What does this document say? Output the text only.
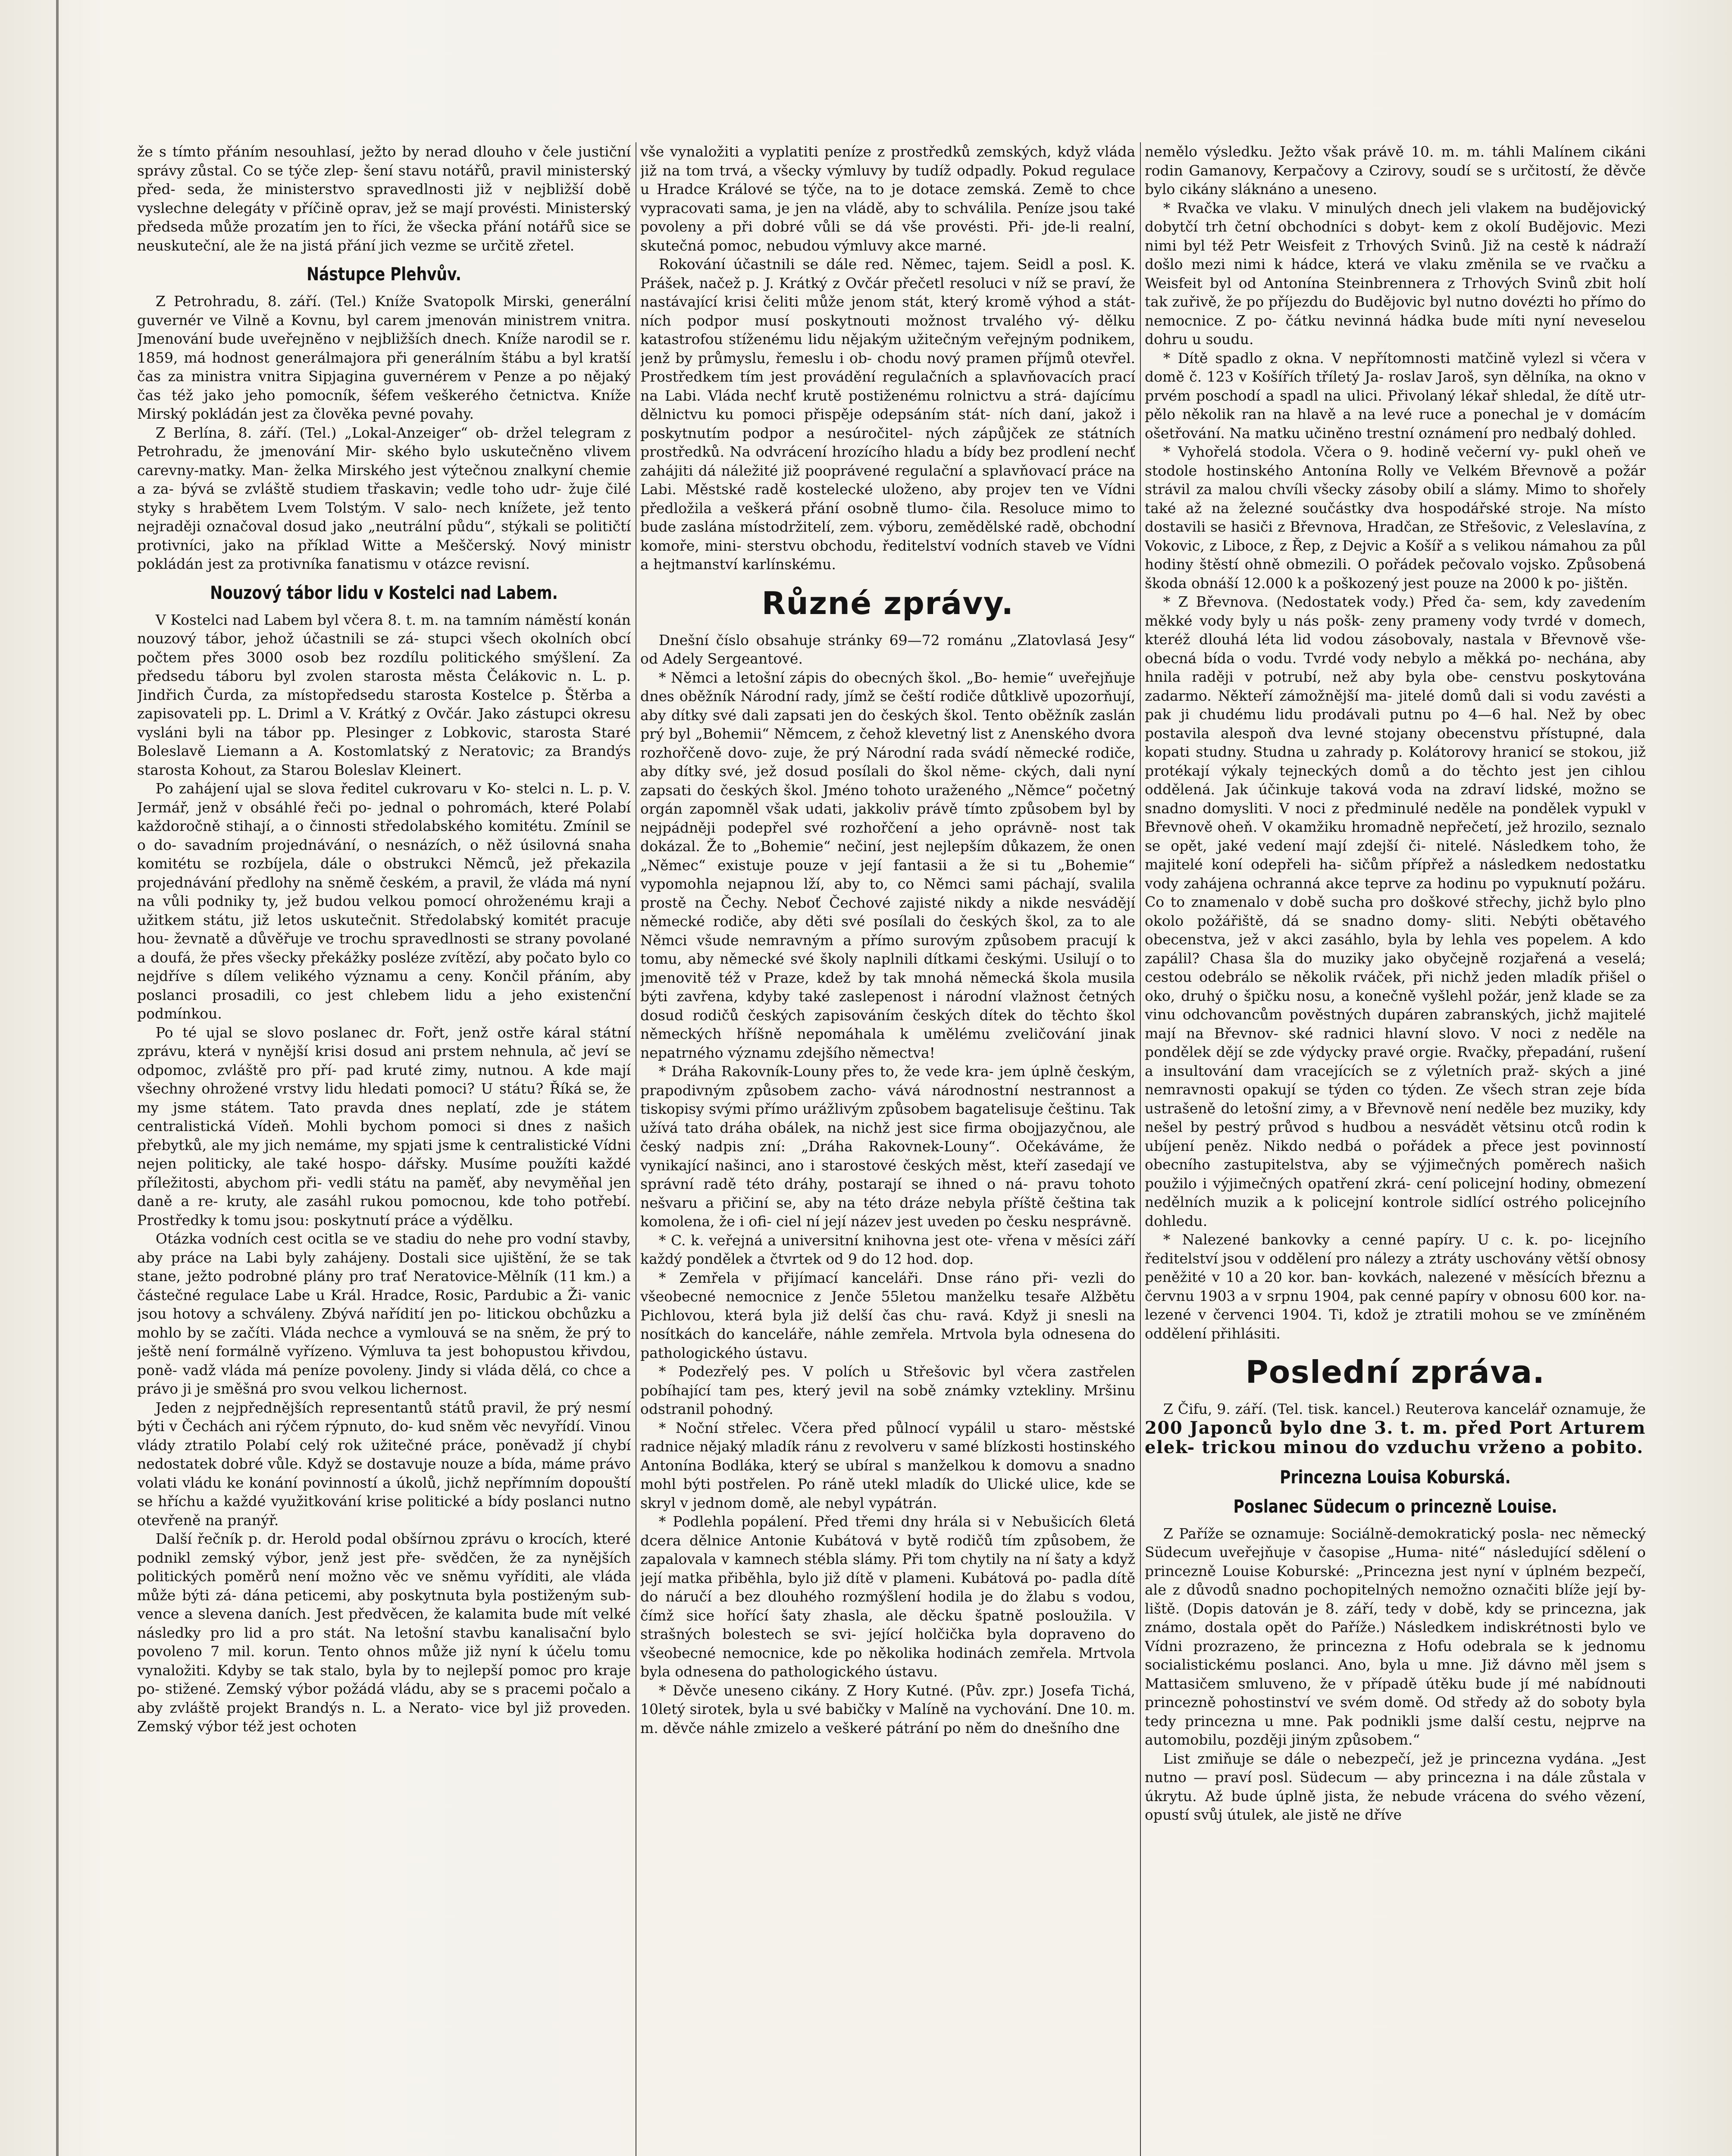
že s tímto přáním nesouhlasí, ježto by nerad dlouho v čele justiční správy zůstal. Co se týče zlep- šení stavu notářů, pravil ministerský před- seda, že ministerstvo spravedlnosti již v nejbližší době vyslechne delegáty v příčině oprav, jež se mají provésti. Ministerský předseda může prozatím jen to říci, že všecka přání notářů sice se neuskuteční, ale že na jistá přání jich vezme se určitě zřetel.

Nástupce Plehvův.

Z Petrohradu, 8. září. (Tel.) Kníže Svatopolk Mirski, generální guvernér ve Vilně a Kovnu, byl carem jmenován ministrem vnitra. Jmenování bude uveřejněno v nejbližších dnech. Kníže narodil se r. 1859, má hodnost generálmajora při generálním štábu a byl kratší čas za ministra vnitra Sipjagina guvernérem v Penze a po nějaký čas též jako jeho pomocník, šéfem veškerého četnictva. Kníže Mirský pokládán jest za člověka pevné povahy.

Z Berlína, 8. září. (Tel.) „Lokal-Anzeiger“ ob- držel telegram z Petrohradu, že jmenování Mir- ského bylo uskutečněno vlivem carevny-matky. Man- želka Mirského jest výtečnou znalkyní chemie a za- bývá se zvláště studiem třaskavin; vedle toho udr- žuje čilé styky s hrabětem Lvem Tolstým. V salo- nech knížete, jež tento nejraději označoval dosud jako „neutrální půdu“, stýkali se političtí protivníci, jako na příklad Witte a Meščerský. Nový ministr pokládán jest za protivníka fanatismu v otázce revisní.

Nouzový tábor lidu v Kostelci nad Labem.

V Kostelci nad Labem byl včera 8. t. m. na tamním náměstí konán nouzový tábor, jehož účastnili se zá- stupci všech okolních obcí počtem přes 3000 osob bez rozdílu politického smýšlení. Za předsedu táboru byl zvolen starosta města Čelákovic n. L. p. Jindřich Čurda, za místopředsedu starosta Kostelce p. Štěrba a zapisovateli pp. L. Driml a V. Krátký z Ovčár. Jako zástupci okresu vysláni byli na tábor pp. Plesinger z Lobkovic, starosta Staré Boleslavě Liemann a A. Kostomlatský z Neratovic; za Brandýs starosta Kohout, za Starou Boleslav Kleinert.

Po zahájení ujal se slova ředitel cukrovaru v Ko- stelci n. L. p. V. Jermář, jenž v obsáhlé řeči po- jednal o pohromách, které Polabí každoročně stihají, a o činnosti středolabského komitétu. Zmínil se o do- savadním projednávání, o nesnázích, o něž úsilovná snaha komitétu se rozbíjela, dále o obstrukci Němců, jež překazila projednávání předlohy na sněmě českém, a pravil, že vláda má nyní na vůli podniky ty, jež budou velkou pomocí ohroženému kraji a užitkem státu, již letos uskutečnit. Středolabský komitét pracuje hou- ževnatě a důvěřuje ve trochu spravedlnosti se strany povolané a doufá, že přes všecky překážky posléze zvítězí, aby počato bylo co nejdříve s dílem velikého významu a ceny. Končil přáním, aby poslanci prosadili, co jest chlebem lidu a jeho existenční podmínkou.

Po té ujal se slovo poslanec dr. Fořt, jenž ostře káral státní zprávu, která v nynější krisi dosud ani prstem nehnula, ač jeví se odpomoc, zvláště pro pří- pad kruté zimy, nutnou. A kde mají všechny ohrožené vrstvy lidu hledati pomoci? U státu? Říká se, že my jsme státem. Tato pravda dnes neplatí, zde je státem centralistická Vídeň. Mohli bychom pomoci si dnes z našich přebytků, ale my jich nemáme, my spjati jsme k centralistické Vídni nejen politicky, ale také hospo- dářsky. Musíme použíti každé příležitosti, abychom při- vedli státu na paměť, aby nevyměňal jen daně a re- kruty, ale zasáhl rukou pomocnou, kde toho potřebí. Prostředky k tomu jsou: poskytnutí práce a výdělku.

Otázka vodních cest ocitla se ve stadiu do nehe pro vodní stavby, aby práce na Labi byly zahájeny. Dostali sice ujištění, že se tak stane, ježto podrobné plány pro trať Neratovice-Mělník (11 km.) a částečné regulace Labe u Král. Hradce, Rosic, Pardubic a Ži- vanic jsou hotovy a schváleny. Zbývá nařídití jen po- litickou obchůzku a mohlo by se začíti. Vláda nechce a vymlouvá se na sněm, že prý to ještě není formálně vyřízeno. Výmluva ta jest bohopustou křivdou, poně- vadž vláda má peníze povoleny. Jindy si vláda dělá, co chce a právo ji je směšná pro svou velkou lichernost.

Jeden z nejpřednějších representantů států pravil, že prý nesmí býti v Čechách ani rýčem rýpnuto, do- kud sněm věc nevyřídí. Vinou vlády ztratilo Polabí celý rok užitečné práce, poněvadž jí chybí nedostatek dobré vůle. Když se dostavuje nouze a bída, máme právo volati vládu ke konání povinností a úkolů, jichž nepřímním dopouští se hříchu a každé využitkování krise politické a bídy poslanci nutno otevřeně na pranýř.

Další řečník p. dr. Herold podal obšírnou zprávu o krocích, které podnikl zemský výbor, jenž jest pře- svědčen, že za nynějších politických poměrů není možno věc ve sněmu vyříditi, ale vláda může býti zá- dána peticemi, aby poskytnuta byla postiženým sub- vence a slevena daních. Jest předvěcen, že kalamita bude mít velké následky pro lid a pro stát. Na letošní stavbu kanalisační bylo povoleno 7 mil. korun. Tento ohnos může již nyní k účelu tomu vynaložiti. Kdyby se tak stalo, byla by to nejlepší pomoc pro kraje po- stižené. Zemský výbor požádá vládu, aby se s pracemi počalo a aby zvláště projekt Brandýs n. L. a Nerato- vice byl již proveden. Zemský výbor též jest ochoten

vše vynaložiti a vyplatiti peníze z prostředků zemských, když vláda již na tom trvá, a všecky výmluvy by tudíž odpadly. Pokud regulace u Hradce Králové se týče, na to je dotace zemská. Země to chce vypracovati sama, je jen na vládě, aby to schválila. Peníze jsou také povoleny a při dobré vůli se dá vše provésti. Při- jde-li realní, skutečná pomoc, nebudou výmluvy akce marné.

Rokování účastnili se dále red. Němec, tajem. Seidl a posl. K. Prášek, načež p. J. Krátký z Ovčár přečetl resoluci v níž se praví, že nastávající krisi čeliti může jenom stát, který kromě výhod a stát- ních podpor musí poskytnouti možnost trvalého vý- dělku katastrofou stíženému lidu nějakým užitečným veřejným podnikem, jenž by průmyslu, řemeslu i ob- chodu nový pramen příjmů otevřel. Prostředkem tím jest provádění regulačních a splavňovacích prací na Labi. Vláda nechť krutě postiženému rolnictvu a strá- dajícímu dělnictvu ku pomoci přispěje odepsáním stát- ních daní, jakož i poskytnutím podpor a nesúročitel- ných zápůjček ze státních prostředků. Na odvrácení hrozícího hladu a bídy bez prodlení nechť zahájiti dá náležité již pooprávené regulační a splavňovací práce na Labi. Městské radě kostelecké uloženo, aby projev ten ve Vídni předložila a veškerá přání osobně tlumo- čila. Resoluce mimo to bude zaslána místodržitelí, zem. výboru, zemědělské radě, obchodní komoře, mini- sterstvu obchodu, ředitelství vodních staveb ve Vídni a hejtmanství karlínskému.

Různé zprávy.

Dnešní číslo obsahuje stránky 69—72 románu „Zlatovlasá Jesy“ od Adely Sergeantové.

* Němci a letošní zápis do obecných škol. „Bo- hemie“ uveřejňuje dnes oběžník Národní rady, jímž se čeští rodiče důtklivě upozorňují, aby dítky své dali zapsati jen do českých škol. Tento oběžník zaslán prý byl „Bohemii“ Němcem, z čehož klevetný list z Anenského dvora rozhořčeně dovo- zuje, že prý Národní rada svádí německé rodiče, aby dítky své, jež dosud posílali do škol něme- ckých, dali nyní zapsati do českých škol. Jméno tohoto uraženého „Němce“ početný orgán zapomněl však udati, jakkoliv právě tímto způsobem byl by nejpádněji podepřel své rozhořčení a jeho oprávně- nost tak dokázal. Že to „Bohemie“ nečiní, jest nejlepším důkazem, že onen „Němec“ existuje pouze v její fantasii a že si tu „Bohemie“ vypomohla nejapnou lží, aby to, co Němci sami páchají, svalila prostě na Čechy. Neboť Čechové zajisté nikdy a nikde nesvádějí německé rodiče, aby děti své posílali do českých škol, za to ale Němci všude nemravným a přímo surovým způsobem pracují k tomu, aby německé své školy naplnili dítkami českými. Usilují o to jmenovitě též v Praze, kdež by tak mnohá německá škola musila býti zavřena, kdyby také zaslepenost i národní vlažnost četných dosud rodičů českých zapisováním českých dítek do těchto škol německých hříšně nepomáhala k umělému zveličování jinak nepatrného významu zdejšího němectva!

* Dráha Rakovník-Louny přes to, že vede kra- jem úplně českým, prapodivným způsobem zacho- vává národnostní nestrannost a tiskopisy svými přímo urážlivým způsobem bagatelisuje češtinu. Tak užívá tato dráha obálek, na nichž jest sice firma obojjazyčnou, ale český nadpis zní: „Dráha Rakovnek-Louny“. Očekáváme, že vynikající našinci, ano i starostové českých měst, kteří zasedají ve správní radě této dráhy, postarají se ihned o ná- pravu tohoto nešvaru a přičiní se, aby na této dráze nebyla příště čeština tak komolena, že i ofi- ciel ní její název jest uveden po česku nesprávně.

* C. k. veřejná a universitní knihovna jest ote- vřena v měsíci září každý pondělek a čtvrtek od 9 do 12 hod. dop.

* Zemřela v přijímací kanceláři. Dnse ráno při- vezli do všeobecné nemocnice z Jenče 55letou manželku tesaře Alžbětu Pichlovou, která byla již delší čas chu- ravá. Když ji snesli na nosítkách do kanceláře, náhle zemřela. Mrtvola byla odnesena do pathologického ústavu.

* Podezřelý pes. V polích u Střešovic byl včera zastřelen pobíhající tam pes, který jevil na sobě známky vztekliny. Mršinu odstranil pohodný.

* Noční střelec. Včera před půlnocí vypálil u staro- městské radnice nějaký mladík ránu z revolveru v samé blízkosti hostinského Antonína Bodláka, který se ubíral s manželkou k domovu a snadno mohl býti postřelen. Po ráně utekl mladík do Ulické ulice, kde se skryl v jednom domě, ale nebyl vypátrán.

* Podlehla popálení. Před třemi dny hrála si v Nebušicích 6letá dcera dělnice Antonie Kubátová v bytě rodičů tím způsobem, že zapalovala v kamnech stébla slámy. Při tom chytily na ní šaty a když její matka přiběhla, bylo již dítě v plameni. Kubátová po- padla dítě do náručí a bez dlouhého rozmýšlení hodila je do žlabu s vodou, čímž sice hořící šaty zhasla, ale děcku špatně posloužila. V strašných bolestech se svi- jející holčička byla dopraveno do všeobecné nemocnice, kde po několika hodinách zemřela. Mrtvola byla odnesena do pathologického ústavu.

* Děvče uneseno cikány. Z Hory Kutné. (Pův. zpr.) Josefa Tichá, 10letý sirotek, byla u své babičky v Malíně na vychování. Dne 10. m. m. děvče náhle zmizelo a veškeré pátrání po něm do dnešního dne

nemělo výsledku. Ježto však právě 10. m. m. táhli Malínem cikáni rodin Gamanovy, Kerpačovy a Czirovy, soudí se s určitostí, že děvče bylo cikány sláknáno a uneseno.

* Rvačka ve vlaku. V minulých dnech jeli vlakem na budějovický dobytčí trh četní obchodníci s dobyt- kem z okolí Budějovic. Mezi nimi byl též Petr Weisfeit z Trhových Svinů. Již na cestě k nádraží došlo mezi nimi k hádce, která ve vlaku změnila se ve rvačku a Weisfeit byl od Antonína Steinbrennera z Trhových Svinů zbit holí tak zuřivě, že po příjezdu do Budějovic byl nutno dovézti ho přímo do nemocnice. Z po- čátku nevinná hádka bude míti nyní neveselou dohru u soudu.

* Dítě spadlo z okna. V nepřítomnosti matčině vylezl si včera v domě č. 123 v Košířích tříletý Ja- roslav Jaroš, syn dělníka, na okno v prvém poschodí a spadl na ulici. Přivolaný lékař shledal, že dítě utr- pělo několik ran na hlavě a na levé ruce a ponechal je v domácím ošetřování. Na matku učiněno trestní oznámení pro nedbalý dohled.

* Vyhořelá stodola. Včera o 9. hodině večerní vy- pukl oheň ve stodole hostinského Antonína Rolly ve Velkém Břevnově a požár strávil za malou chvíli všecky zásoby obilí a slámy. Mimo to shořely také až na železné součástky dva hospodářské stroje. Na místo dostavili se hasiči z Břevnova, Hradčan, ze Střešovic, z Veleslavína, z Vokovic, z Liboce, z Řep, z Dejvic a Košíř a s velikou námahou za půl hodiny štěstí ohně obmezili. O pořádek pečovalo vojsko. Způsobená škoda obnáší 12.000 k a poškozený jest pouze na 2000 k po- jištěn.

* Z Břevnova. (Nedostatek vody.) Před ča- sem, kdy zavedením měkké vody byly u nás pošk- zeny prameny vody tvrdé v domech, kteréž dlouhá léta lid vodou zásobovaly, nastala v Břevnově vše- obecná bída o vodu. Tvrdé vody nebylo a měkká po- nechána, aby hnila raději v potrubí, než aby byla obe- censtvu poskytována zadarmo. Někteří zámožnější ma- jitelé domů dali si vodu zavésti a pak ji chudému lidu prodávali putnu po 4—6 hal. Než by obec postavila alespoň dva levné stojany obecenstvu přístupné, dala kopati studny. Studna u zahrady p. Kolátorovy hranicí se stokou, již protékají výkaly tejneckých domů a do těchto jest jen cihlou oddělená. Jak účinkuje taková voda na zdraví lidské, možno se snadno domysliti. V noci z předminulé neděle na pondělek vypukl v Břevnově oheň. V okamžiku hromadně nepřečetí, jež hrozilo, seznalo se opět, jaké vedení mají zdejší či- nitelé. Následkem toho, že majitelé koní odepřeli ha- sičům přípřež a následkem nedostatku vody zahájena ochranná akce teprve za hodinu po vypuknutí požáru. Co to znamenalo v době sucha pro doškové střechy, jichž bylo plno okolo požářiště, dá se snadno domy- sliti. Nebýti obětavého obecenstva, jež v akci zasáhlo, byla by lehla ves popelem. A kdo zapálil? Chasa šla do muziky jako obyčejně rozjařená a veselá; cestou odebrálo se několik rváček, při nichž jeden mladík přišel o oko, druhý o špičku nosu, a konečně vyšlehl požár, jenž klade se za vinu odchovancům pověstných dupáren zabranských, jichž majitelé mají na Břevnov- ské radnici hlavní slovo. V noci z neděle na pondělek dějí se zde výdycky pravé orgie. Rvačky, přepadání, rušení a insultování dam vracejících se z výletních praž- ských a jiné nemravnosti opakují se týden co týden. Ze všech stran zeje bída ustrašeně do letošní zimy, a v Břevnově není neděle bez muziky, kdy nešel by pestrý průvod s hudbou a nesvádět větsinu otců rodin k ubíjení peněz. Nikdo nedbá o pořádek a přece jest povinností obecního zastupitelstva, aby se výjimečných poměrech našich použilo i výjimečných opatření zkrá- cení policejní hodiny, obmezení nedělních muzik a k policejní kontrole sidlící ostrého policejního dohledu.

* Nalezené bankovky a cenné papíry. U c. k. po- licejního ředitelství jsou v oddělení pro nálezy a ztráty uschovány větší obnosy peněžité v 10 a 20 kor. ban- kovkách, nalezené v měsících březnu a červnu 1903 a v srpnu 1904, pak cenné papíry v obnosu 600 kor. na- lezené v červenci 1904. Ti, kdož je ztratili mohou se ve zmíněném oddělení přihlásiti.

Poslední zpráva.

Z Čifu, 9. září. (Tel. tisk. kancel.) Reuterova kancelář oznamuje, že 200 Japonců bylo dne 3. t. m. před Port Arturem elek- trickou minou do vzduchu vrženo a pobito.

Princezna Louisa Koburská.
Poslanec Südecum o princezně Louise.

Z Paříže se oznamuje: Sociálně-demokratický posla- nec německý Südecum uveřejňuje v časopise „Huma- nité“ následující sdělení o princezně Louise Koburské: „Princezna jest nyní v úplném bezpečí, ale z důvodů snadno pochopitelných nemožno označiti blíže její by- liště. (Dopis datován je 8. září, tedy v době, kdy se princezna, jak známo, dostala opět do Paříže.) Následkem indiskrétnosti bylo ve Vídni prozrazeno, že princezna z Hofu odebrala se k jednomu socialistickému poslanci. Ano, byla u mne. Již dávno měl jsem s Mattasičem smluveno, že v případě útěku bude jí mé nabídnouti princezně pohostinství ve svém domě. Od středy až do soboty byla tedy princezna u mne. Pak podnikli jsme další cestu, nejprve na automobilu, později jiným způsobem.“

List zmiňuje se dále o nebezpečí, jež je princezna vydána. „Jest nutno — praví posl. Südecum — aby princezna i na dále zůstala v úkrytu. Až bude úplně jista, že nebude vrácena do svého vězení, opustí svůj útulek, ale jistě ne dříve
